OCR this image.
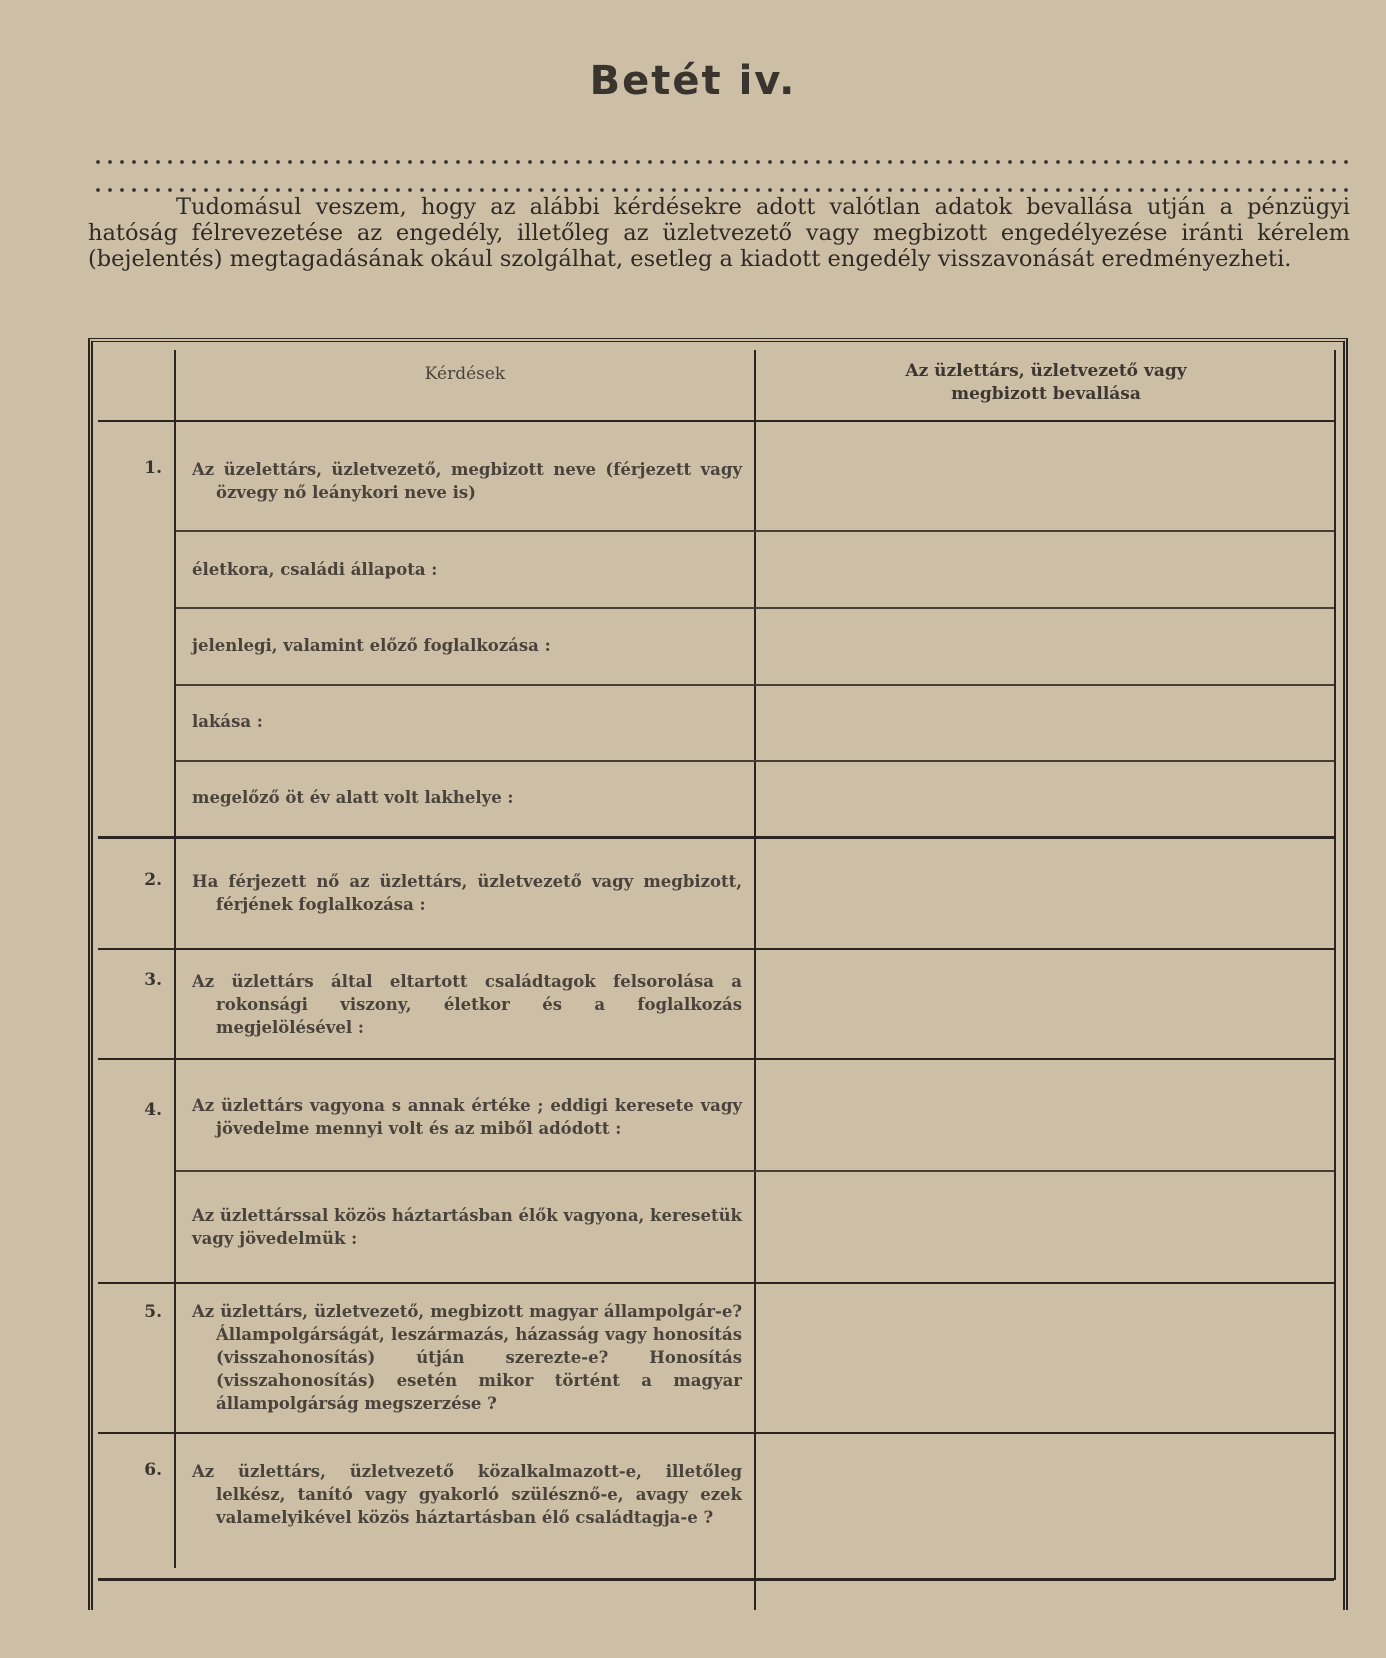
Betét iv.
Tudomásul veszem, hogy az alábbi kérdésekre adott valótlan adatok bevallása utján a pénzügyi hatóság félrevezetése az engedély, illetőleg az üzletvezető vagy megbizott engedélyezése iránti kérelem (bejelentés) megtagadásának okául szolgálhat, esetleg a kiadott engedély visszavonását eredményezheti.
Kérdések	Az üzlettárs, üzletvezető vagy
megbizott bevallása
1.
2.
3.
4.
5.
6.
Az üzelettárs, üzletvezető, megbizott neve (férjezett vagy özvegy nő leánykori neve is)
életkora, családi állapota :
jelenlegi, valamint előző foglalkozása :
lakása :
megelőző öt év alatt volt lakhelye :
Ha férjezett nő az üzlettárs, üzletvezető vagy megbizott, férjének foglalkozása :
Az üzlettárs által eltartott családtagok felsorolása a rokonsági viszony, életkor és a foglalkozás megjelölésével :
Az üzlettárs vagyona s annak értéke ; eddigi keresete vagy jövedelme mennyi volt és az miből adódott :
Az üzlettárssal közös háztartásban élők vagyona, keresetük vagy jövedelmük :
Az üzlettárs, üzletvezető, megbizott magyar állampolgár-e? Állampolgárságát, leszármazás, házasság vagy honosítás (visszahonosítás) útján szerezte-e? Honosítás (visszahonosítás) esetén mikor történt a magyar állampolgárság megszerzése ?
Az üzlettárs, üzletvezető közalkalmazott-e, illetőleg lelkész, tanító vagy gyakorló szülésznő-e, avagy ezek valamelyikével közös háztartásban élő családtagja-e ?
